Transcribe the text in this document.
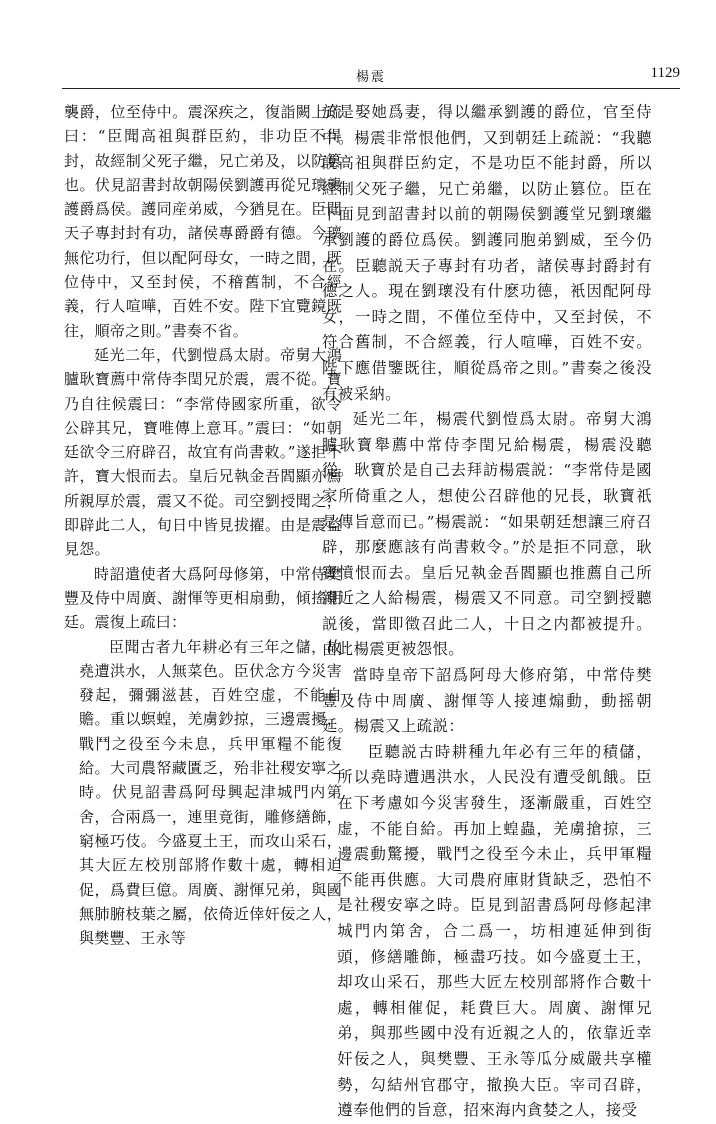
楊震	1129

襲爵，位至侍中。震深疾之，復詣闕上疏曰：“臣聞高祖與群臣約，非功臣不得封，故經制父死子繼，兄亡弟及，以防篡也。伏見詔書封故朝陽侯劉護再從兄瓌襲護爵爲侯。護同産弟威，今猶見在。臣聞天子專封封有功，諸侯專爵爵有德。今瓌無佗功行，但以配阿母女，一時之間，既位侍中，又至封侯，不稽舊制，不合經義，行人喧嘩，百姓不安。陛下宜覽鏡既往，順帝之則。”書奏不省。

延光二年，代劉愷爲太尉。帝舅大鴻臚耿寶薦中常侍李閏兄於震，震不從。寶乃自往候震曰：“李常侍國家所重，欲令公辟其兄，寶唯傳上意耳。”震曰：“如朝廷欲令三府辟召，故宜有尚書敕。”遂拒不許，寶大恨而去。皇后兄執金吾閻顯亦薦所親厚於震，震又不從。司空劉授聞之，即辟此二人，旬日中皆見拔擢。由是震益見怨。

時詔遣使者大爲阿母修第，中常侍樊豐及侍中周廣、謝惲等更相扇動，傾搖朝廷。震復上疏曰：

臣聞古者九年耕必有三年之儲，故堯遭洪水，人無菜色。臣伏念方今災害發起，彌彌滋甚，百姓空虚，不能自贍。重以螟蝗，羌虜鈔掠，三邊震擾，戰鬥之役至今未息，兵甲軍糧不能復給。大司農帑藏匱乏，殆非社稷安寧之時。伏見詔書爲阿母興起津城門内第舍，合兩爲一，連里竟街，雕修繕飾，窮極巧伎。今盛夏土王，而攻山采石，其大匠左校別部將作數十處，轉相迫促，爲費巨億。周廣、謝惲兄弟，與國無肺腑枝葉之屬，依倚近倖奸佞之人，與樊豐、王永等

於是娶她爲妻，得以繼承劉護的爵位，官至侍中。楊震非常恨他們，又到朝廷上疏説：“我聽説高祖與群臣約定，不是功臣不能封爵，所以經制父死子繼，兄亡弟繼，以防止篡位。臣在下面見到詔書封以前的朝陽侯劉護堂兄劉瓌繼承劉護的爵位爲侯。劉護同胞弟劉威，至今仍在。臣聽説天子專封有功者，諸侯專封爵封有德之人。現在劉瓌没有什麽功德，衹因配阿母女，一時之間，不僅位至侍中，又至封侯，不符合舊制，不合經義，行人喧嘩，百姓不安。陛下應借鑒既往，順從爲帝之則。”書奏之後没有被采納。

延光二年，楊震代劉愷爲太尉。帝舅大鴻臚耿寶舉薦中常侍李閏兄給楊震，楊震没聽從。耿寶於是自己去拜訪楊震説：“李常侍是國家所倚重之人，想使公召辟他的兄長，耿寶祇是傳旨意而已。”楊震説：“如果朝廷想讓三府召辟，那麼應該有尚書敕令。”於是拒不同意，耿寶憤恨而去。皇后兄執金吾閻顯也推薦自己所親近之人給楊震，楊震又不同意。司空劉授聽説後，當即徵召此二人，十日之内都被提升。由此楊震更被怨恨。

當時皇帝下詔爲阿母大修府第，中常侍樊豐及侍中周廣、謝惲等人接連煽動，動摇朝廷。楊震又上疏説：

臣聽説古時耕種九年必有三年的積儲，所以堯時遭遇洪水，人民没有遭受飢餓。臣在下考慮如今災害發生，逐漸嚴重，百姓空虚，不能自給。再加上蝗蟲，羌虜搶掠，三邊震動驚擾，戰鬥之役至今未止，兵甲軍糧不能再供應。大司農府庫財貨缺乏，恐怕不是社稷安寧之時。臣見到詔書爲阿母修起津城門内第舍，合二爲一，坊相連延伸到街頭，修繕雕飾，極盡巧技。如今盛夏土王，却攻山采石，那些大匠左校別部將作合數十處，轉相催促，耗費巨大。周廣、謝惲兄弟，與那些國中没有近親之人的，依靠近幸奸佞之人，與樊豐、王永等瓜分威嚴共享權勢，勾結州官郡守，撤换大臣。宰司召辟，遵奉他們的旨意，招來海内貪婪之人，接受
